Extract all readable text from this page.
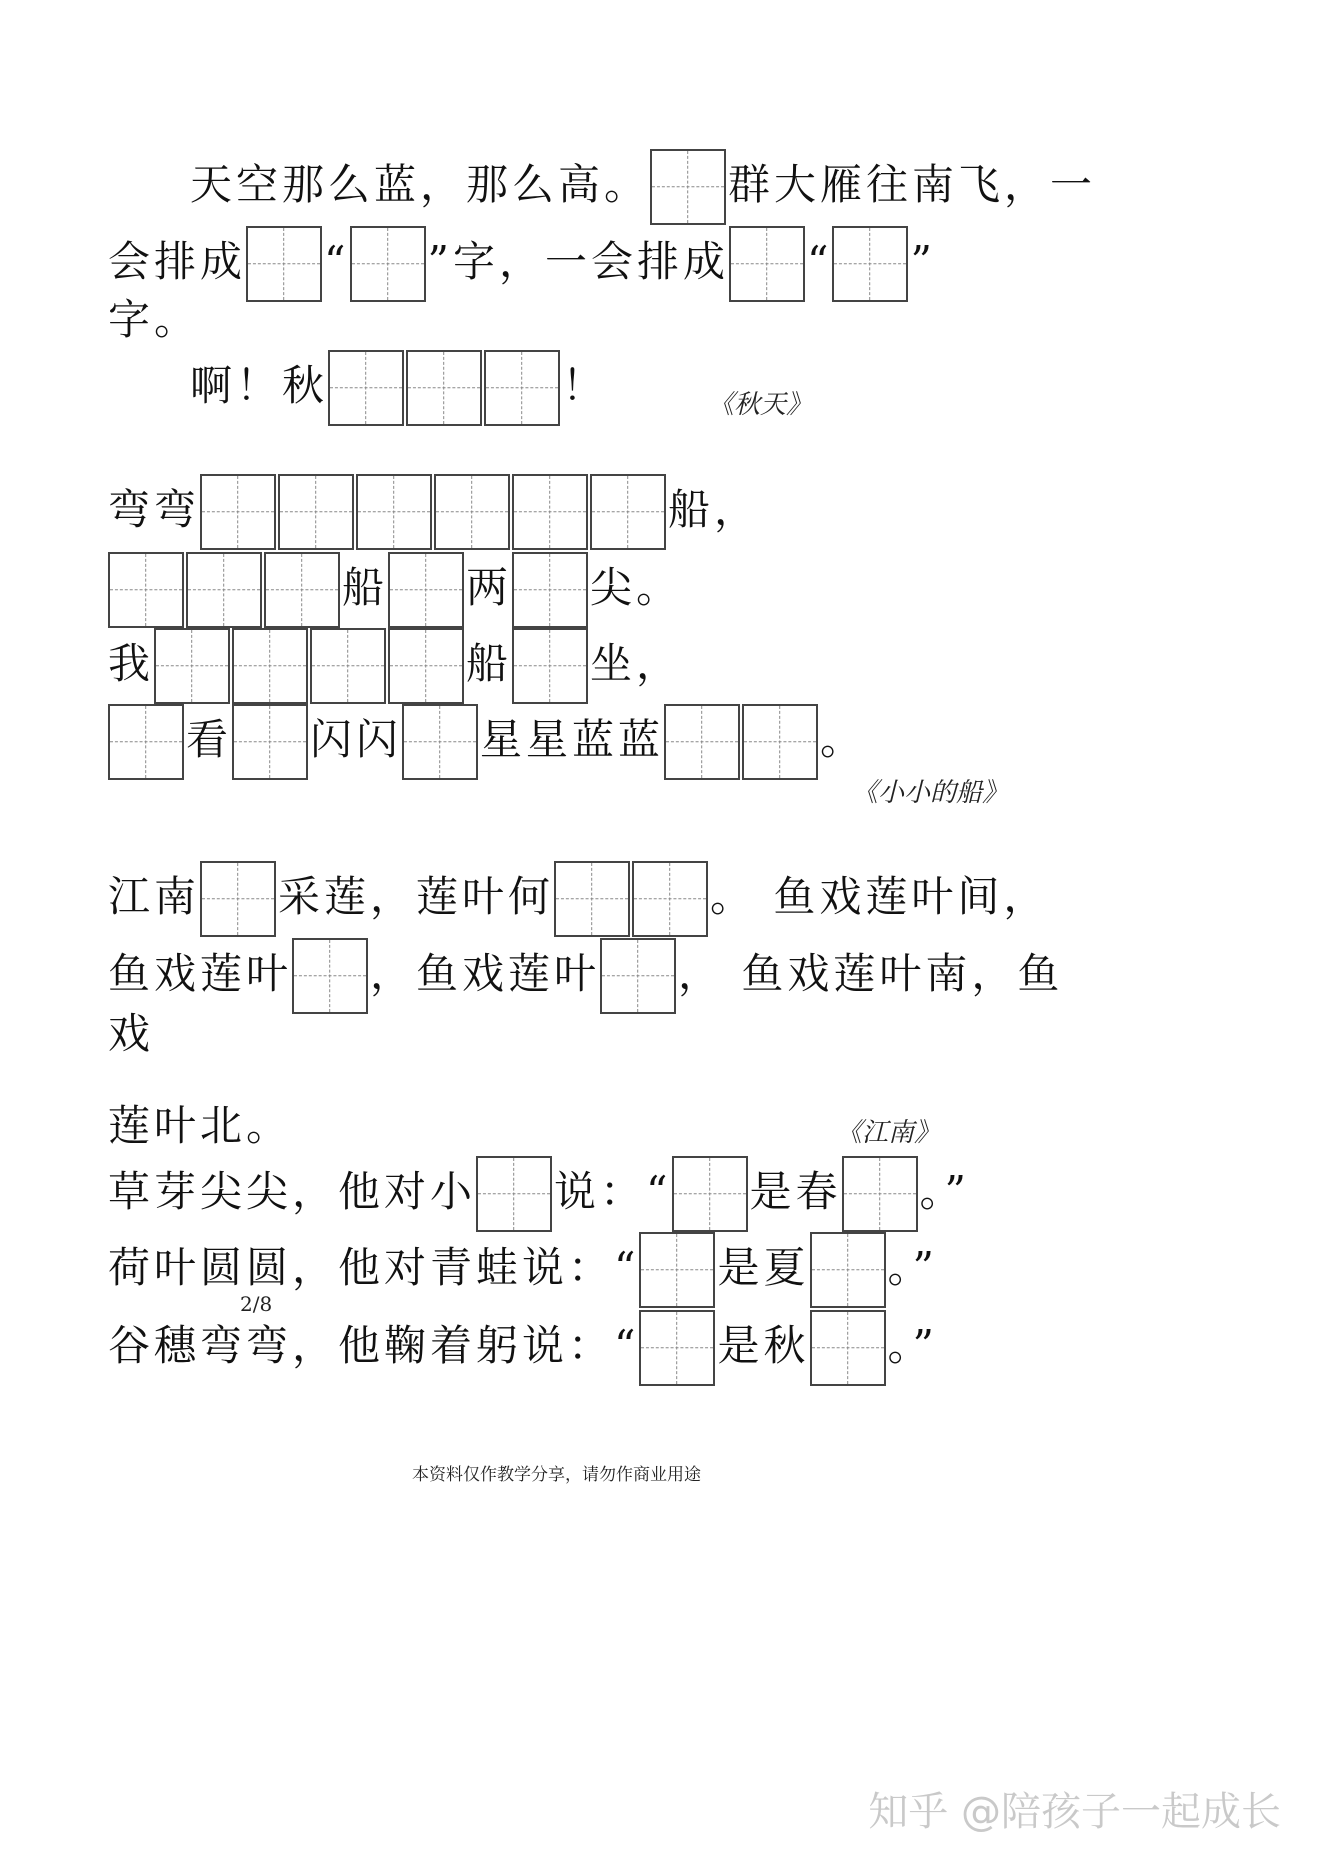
天空那么蓝，那么高。 群大雁往南飞，一
会排成“ ”字，一会排成“ ”
字。
啊！秋	！	《秋天》
弯弯	船，
船 两 尖。
我	船 坐，
看 闪闪 星星蓝蓝	。
《小小的船》
江南 采莲，莲叶何	。 鱼戏莲叶间，
鱼戏莲叶 ，鱼戏莲叶 ， 鱼戏莲叶南，鱼
戏
莲叶北。	《江南》
草芽尖尖，他对小 说：“ 是春 。”
荷叶圆圆，他对青蛙说：“ 是夏 。”
谷穗弯弯，他鞠着躬说：“ 是秋 。”
2/8
本资料仅作教学分享，请勿作商业用途
知乎 @陪孩子一起成长
